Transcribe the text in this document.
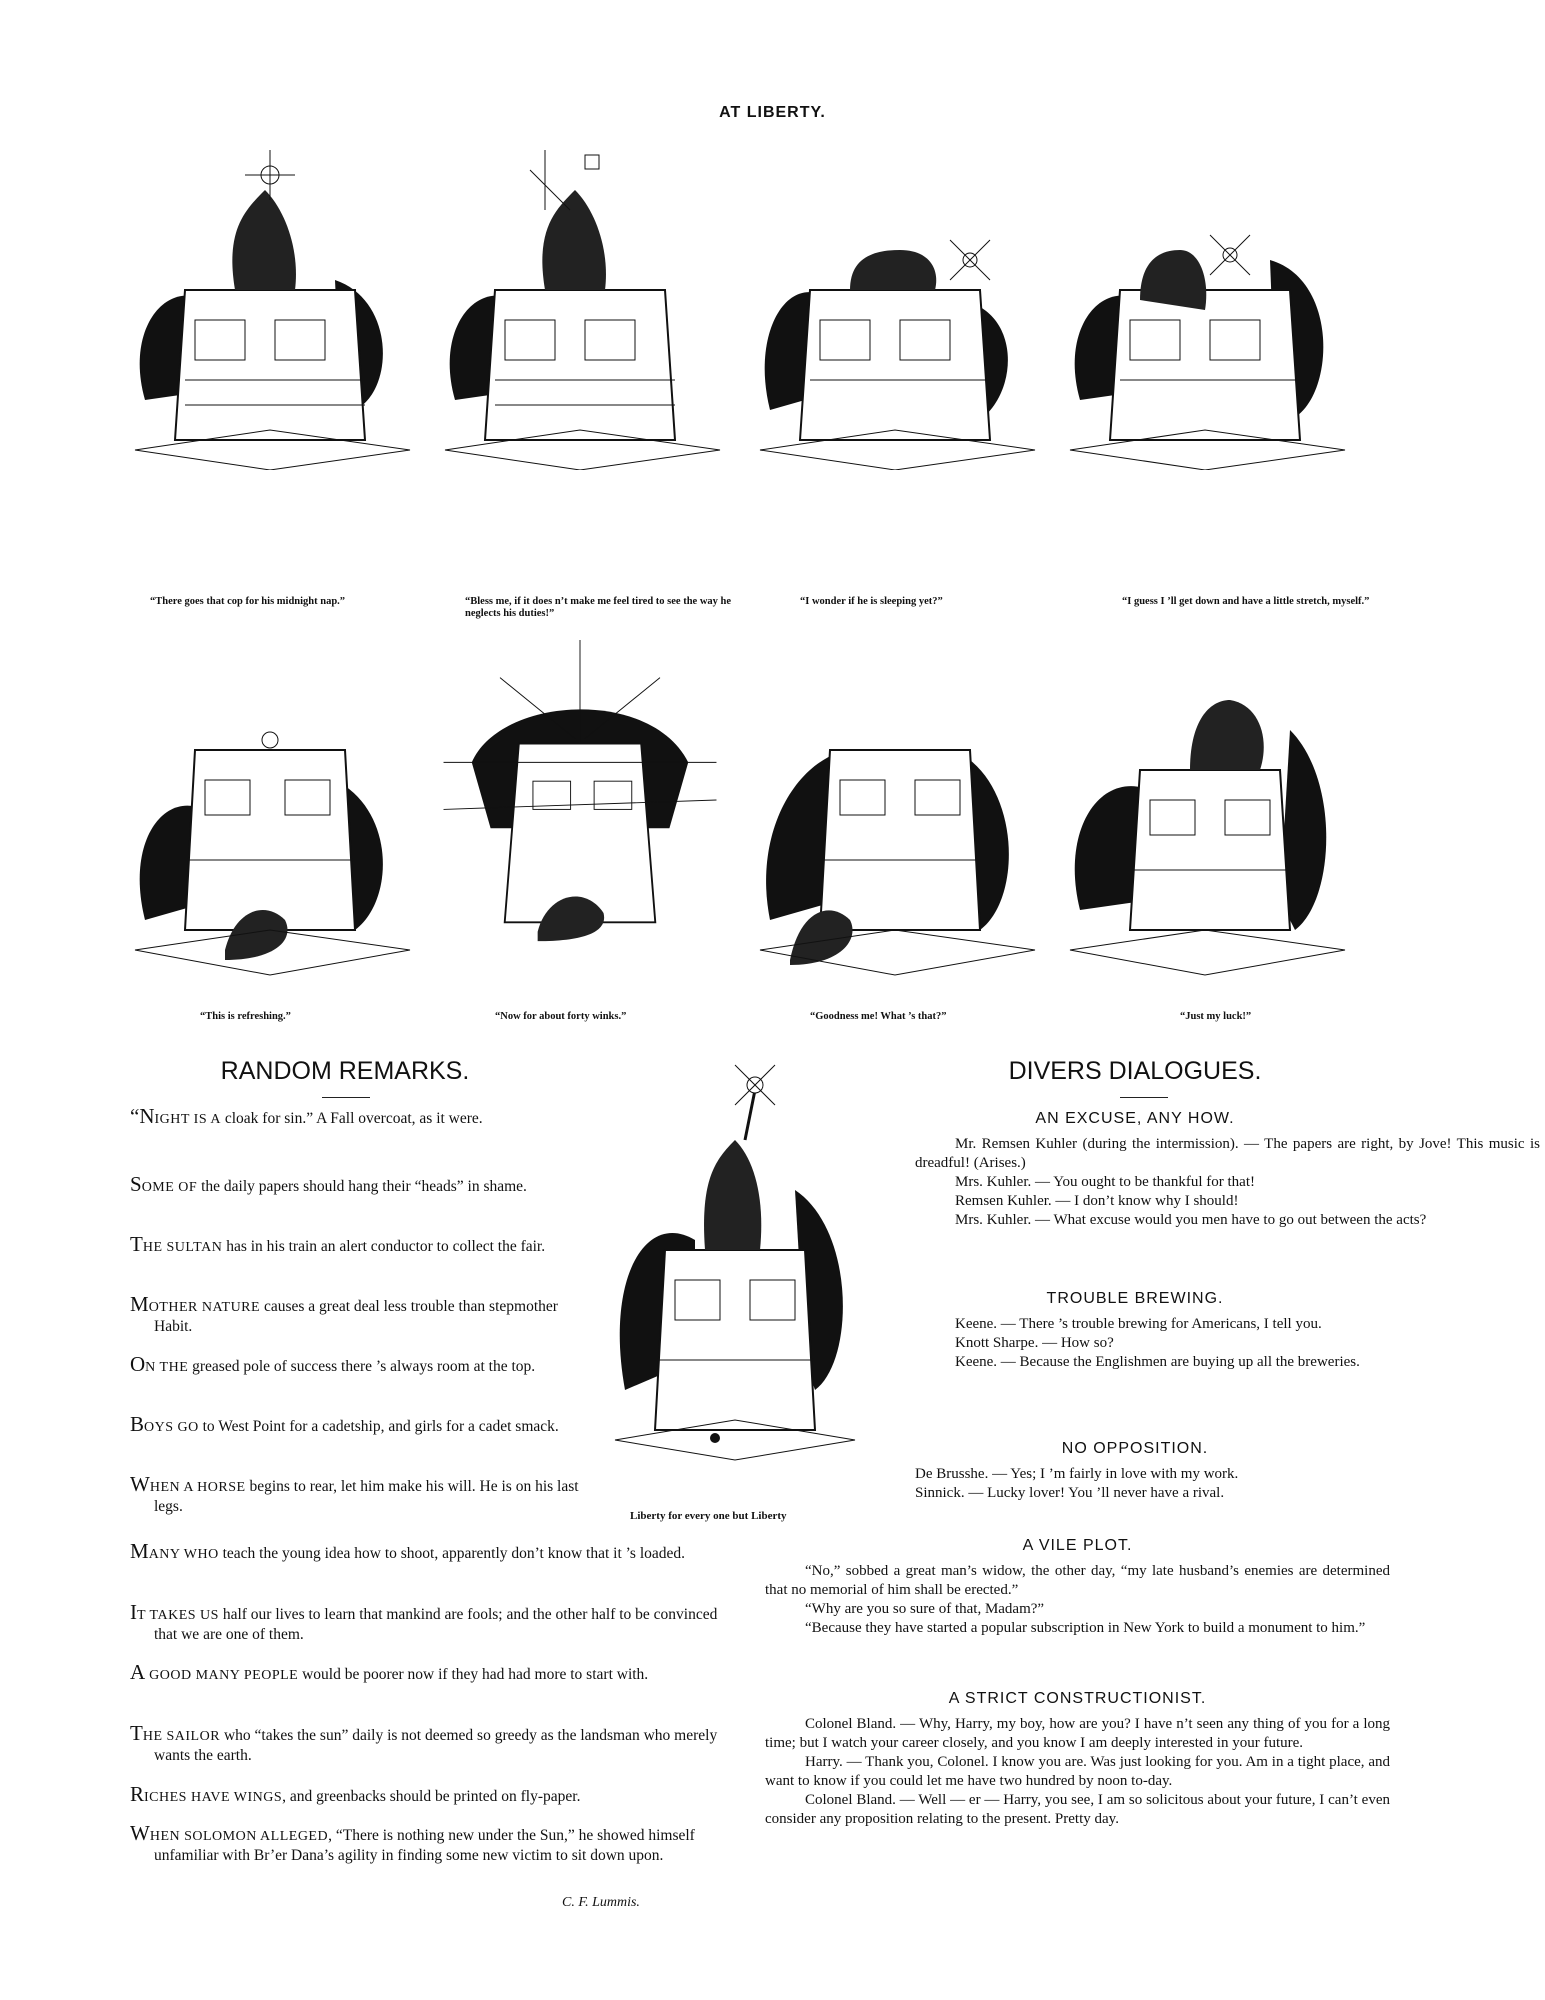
AT LIBERTY.
“There goes that cop for his midnight nap.”	“Bless me, if it does n’t make me feel tired to see the way he neglects his duties!”
“I wonder if he is sleeping yet?”	“I guess I ’ll get down and have a little stretch, myself.”
“This is refreshing.”	“Now for about forty winks.”	“Goodness me! What ’s that?”	“Just my luck!”
RANDOM REMARKS.
“NIGHT IS A cloak for sin.” A Fall overcoat, as it were.
SOME OF the daily papers should hang their “heads” in shame.
THE SULTAN has in his train an alert conductor to collect the fair.
MOTHER NATURE causes a great deal less trouble than stepmother Habit.
ON THE greased pole of success there ’s always room at the top.
BOYS GO to West Point for a cadetship, and girls for a cadet smack.
WHEN A HORSE begins to rear, let him make his will. He is on his last legs.
MANY WHO teach the young idea how to shoot, apparently don’t know that it ’s loaded.
IT TAKES US half our lives to learn that mankind are fools; and the other half to be convinced that we are one of them.
A GOOD MANY PEOPLE would be poorer now if they had had more to start with.
THE SAILOR who “takes the sun” daily is not deemed so greedy as the landsman who merely wants the earth.
RICHES HAVE WINGS, and greenbacks should be printed on fly-paper.
WHEN SOLOMON ALLEGED, “There is nothing new under the Sun,” he showed himself unfamiliar with Br’er Dana’s agility in finding some new victim to sit down upon.
C. F. Lummis.
Liberty for every one but Liberty
DIVERS DIALOGUES.
AN EXCUSE, ANY HOW.

Mr. Remsen Kuhler (during the intermission). — The papers are right, by Jove! This music is dreadful! (Arises.)

Mrs. Kuhler. — You ought to be thankful for that!

Remsen Kuhler. — I don’t know why I should!

Mrs. Kuhler. — What excuse would you men have to go out between the acts?

TROUBLE BREWING.

Keene. — There ’s trouble brewing for Americans, I tell you.

Knott Sharpe. — How so?

Keene. — Because the Englishmen are buying up all the breweries.

NO OPPOSITION.

De Brusshe. — Yes; I ’m fairly in love with my work.

Sinnick. — Lucky lover! You ’ll never have a rival.

A VILE PLOT.

“No,” sobbed a great man’s widow, the other day, “my late husband’s enemies are determined that no memorial of him shall be erected.”

“Why are you so sure of that, Madam?”

“Because they have started a popular subscription in New York to build a monument to him.”

A STRICT CONSTRUCTIONIST.

Colonel Bland. — Why, Harry, my boy, how are you? I have n’t seen any thing of you for a long time; but I watch your career closely, and you know I am deeply interested in your future.

Harry. — Thank you, Colonel. I know you are. Was just looking for you. Am in a tight place, and want to know if you could let me have two hundred by noon to-day.

Colonel Bland. — Well — er — Harry, you see, I am so solicitous about your future, I can’t even consider any proposition relating to the present. Pretty day.
